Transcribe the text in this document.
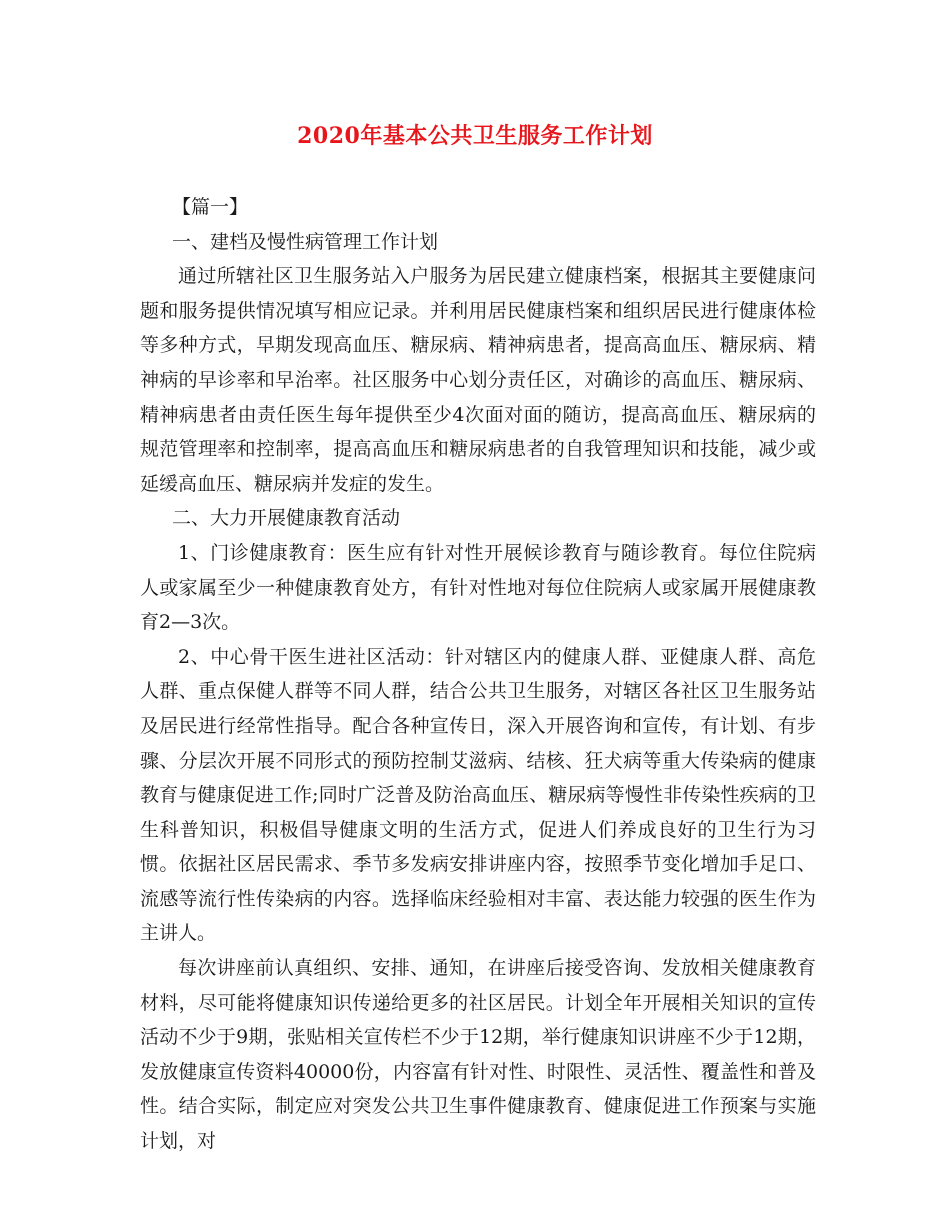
2020年基本公共卫生服务工作计划

【篇一】

一、建档及慢性病管理工作计划

通过所辖社区卫生服务站入户服务为居民建立健康档案，根据其主要健康问题和服务提供情况填写相应记录。并利用居民健康档案和组织居民进行健康体检等多种方式，早期发现高血压、糖尿病、精神病患者，提高高血压、糖尿病、精神病的早诊率和早治率。社区服务中心划分责任区，对确诊的高血压、糖尿病、精神病患者由责任医生每年提供至少4次面对面的随访，提高高血压、糖尿病的规范管理率和控制率，提高高血压和糖尿病患者的自我管理知识和技能，减少或延缓高血压、糖尿病并发症的发生。

二、大力开展健康教育活动

1、门诊健康教育：医生应有针对性开展候诊教育与随诊教育。每位住院病人或家属至少一种健康教育处方，有针对性地对每位住院病人或家属开展健康教育2—3次。

2、中心骨干医生进社区活动：针对辖区内的健康人群、亚健康人群、高危人群、重点保健人群等不同人群，结合公共卫生服务，对辖区各社区卫生服务站及居民进行经常性指导。配合各种宣传日，深入开展咨询和宣传，有计划、有步骤、分层次开展不同形式的预防控制艾滋病、结核、狂犬病等重大传染病的健康教育与健康促进工作;同时广泛普及防治高血压、糖尿病等慢性非传染性疾病的卫生科普知识，积极倡导健康文明的生活方式，促进人们养成良好的卫生行为习惯。依据社区居民需求、季节多发病安排讲座内容，按照季节变化增加手足口、流感等流行性传染病的内容。选择临床经验相对丰富、表达能力较强的医生作为主讲人。

每次讲座前认真组织、安排、通知，在讲座后接受咨询、发放相关健康教育材料，尽可能将健康知识传递给更多的社区居民。计划全年开展相关知识的宣传活动不少于9期，张贴相关宣传栏不少于12期，举行健康知识讲座不少于12期，发放健康宣传资料40000份，内容富有针对性、时限性、灵活性、覆盖性和普及性。结合实际，制定应对突发公共卫生事件健康教育、健康促进工作预案与实施计划，对
